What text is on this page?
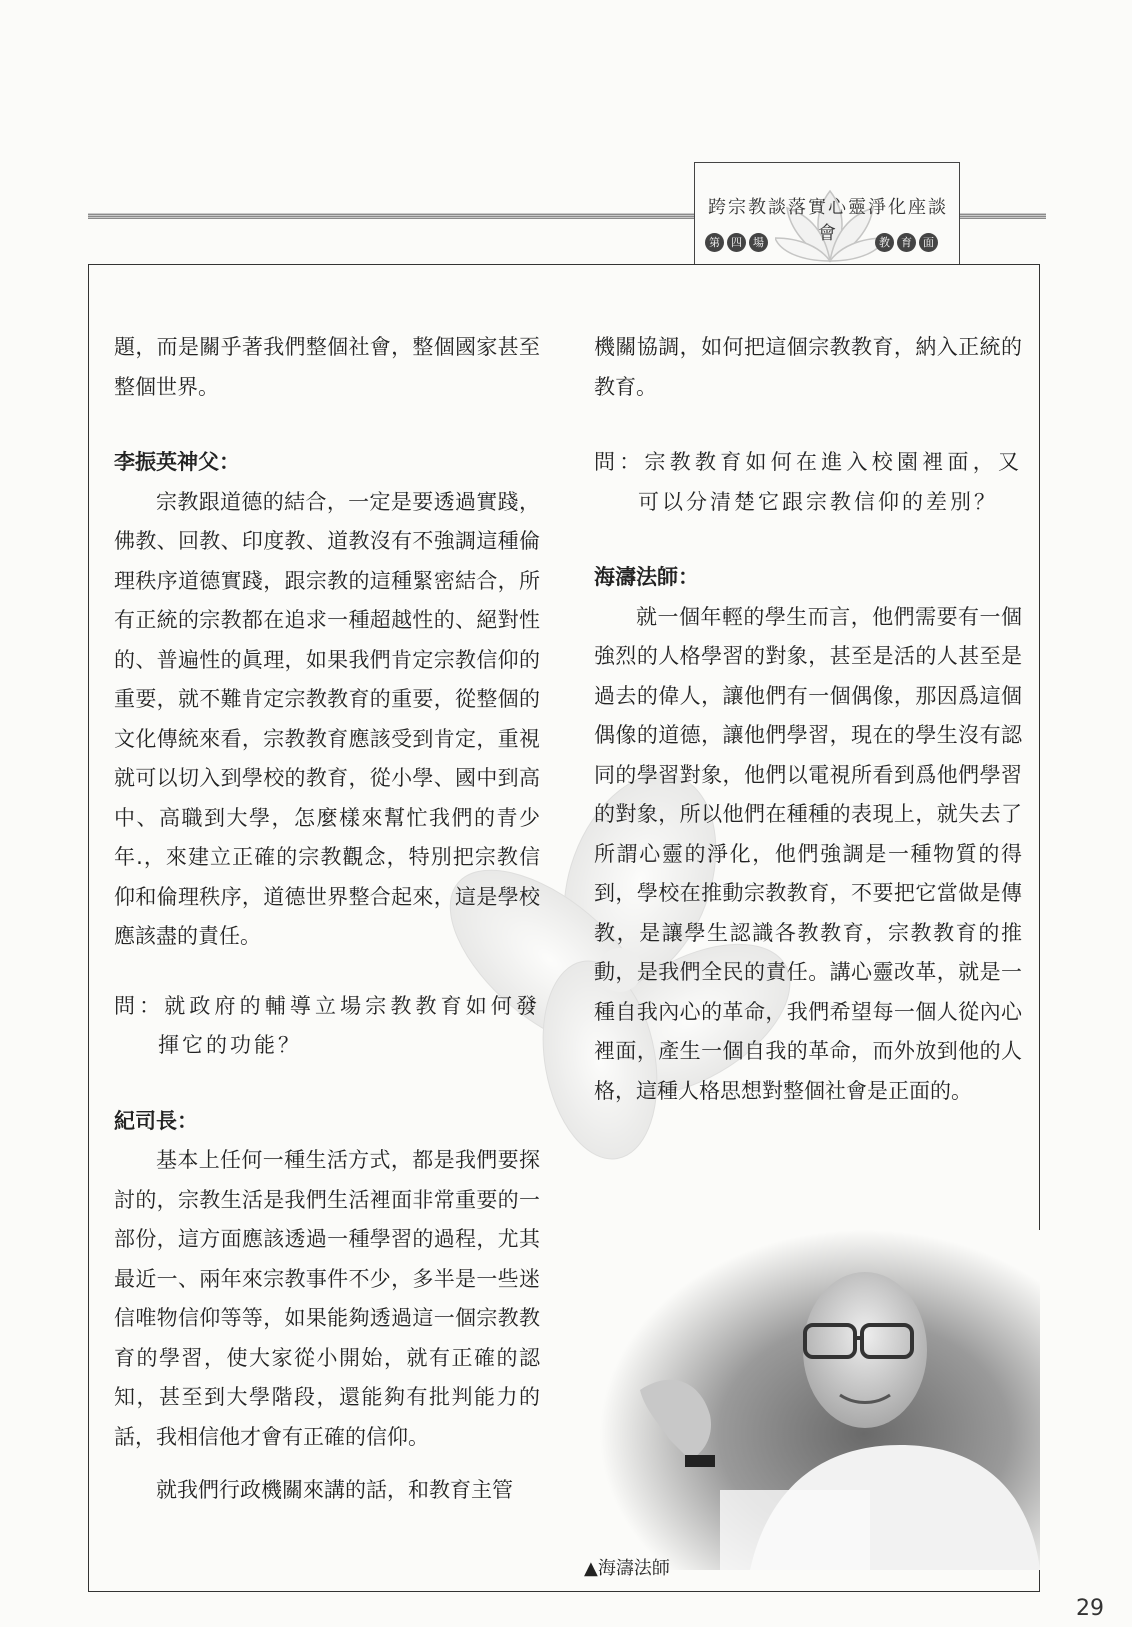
跨宗教談落實心靈淨化座談會
第	四	場	教	育	面

題，而是關乎著我們整個社會，整個國家甚至整個世界。

李振英神父：

宗教跟道德的結合，一定是要透過實踐，佛教、回教、印度教、道教沒有不強調這種倫理秩序道德實踐，跟宗教的這種緊密結合，所有正統的宗教都在追求一種超越性的、絕對性的、普遍性的眞理，如果我們肯定宗教信仰的重要，就不難肯定宗教教育的重要，從整個的文化傳統來看，宗教教育應該受到肯定，重視就可以切入到學校的教育，從小學、國中到高中、高職到大學，怎麼樣來幫忙我們的青少年.，來建立正確的宗教觀念，特別把宗教信仰和倫理秩序，道德世界整合起來，這是學校應該盡的責任。

問：就政府的輔導立場宗教教育如何發揮它的功能？

紀司長：

基本上任何一種生活方式，都是我們要探討的，宗教生活是我們生活裡面非常重要的一部份，這方面應該透過一種學習的過程，尤其最近一、兩年來宗教事件不少，多半是一些迷信唯物信仰等等，如果能夠透過這一個宗教教育的學習，使大家從小開始，就有正確的認知，甚至到大學階段，還能夠有批判能力的話，我相信他才會有正確的信仰。

就我們行政機關來講的話，和教育主管

機關協調，如何把這個宗教教育，納入正統的教育。

問：宗教教育如何在進入校園裡面，又可以分清楚它跟宗教信仰的差別？

海濤法師：

就一個年輕的學生而言，他們需要有一個強烈的人格學習的對象，甚至是活的人甚至是過去的偉人，讓他們有一個偶像，那因爲這個偶像的道德，讓他們學習，現在的學生沒有認同的學習對象，他們以電視所看到爲他們學習的對象，所以他們在種種的表現上，就失去了所謂心靈的淨化，他們強調是一種物質的得到，學校在推動宗教教育，不要把它當做是傳教，是讓學生認識各教教育，宗教教育的推動，是我們全民的責任。講心靈改革，就是一種自我內心的革命，我們希望每一個人從內心裡面，產生一個自我的革命，而外放到他的人格，這種人格思想對整個社會是正面的。

▲海濤法師
29
